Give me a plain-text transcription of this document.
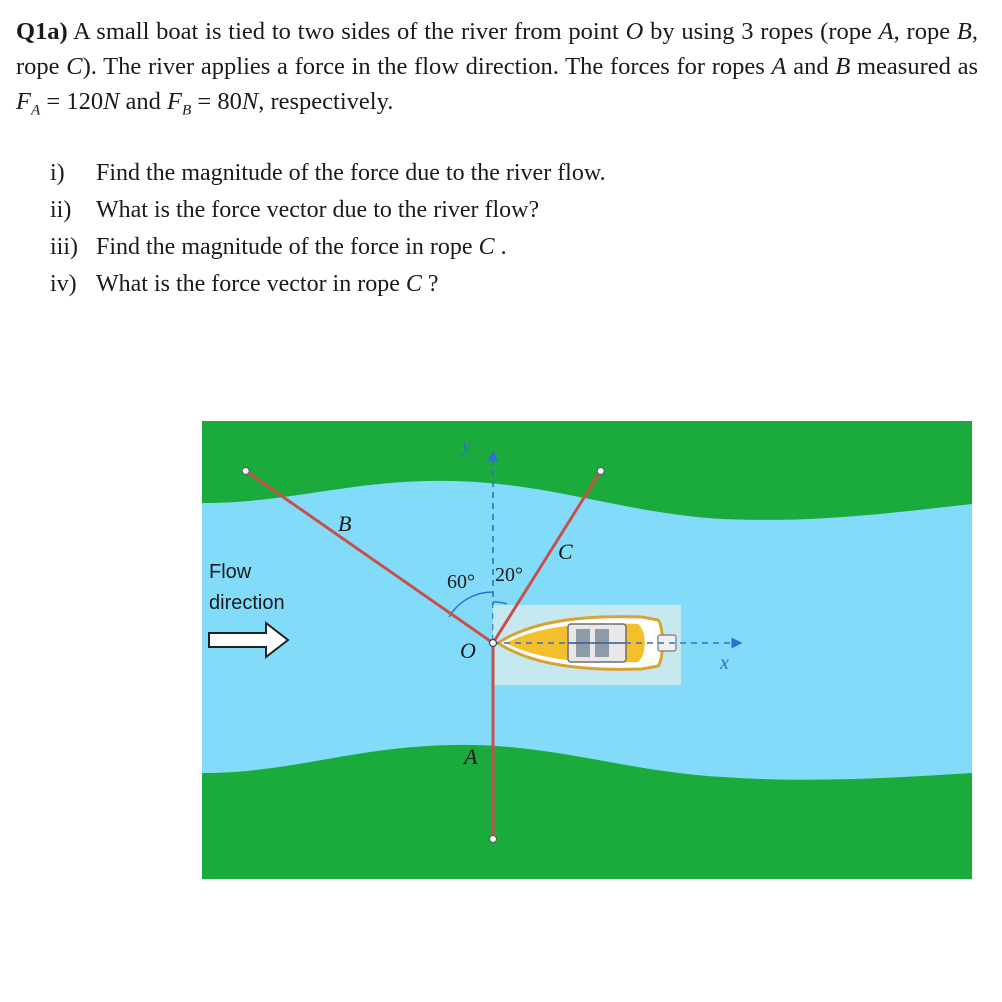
Q1a) A small boat is tied to two sides of the river from point O by using 3 ropes (rope A, rope B, rope C). The river applies a force in the flow direction. The forces for ropes A and B measured as $F_A = 120N$ and $F_B = 80N$, respectively.
i)	Find the magnitude of the force due to the river flow.
ii)	What is the force vector due to the river flow?
iii) Find the magnitude of the force in rope C .
iv) What is the force vector in rope C ?
Flow
direction
B
C
A
O
y
x
60° 20°
